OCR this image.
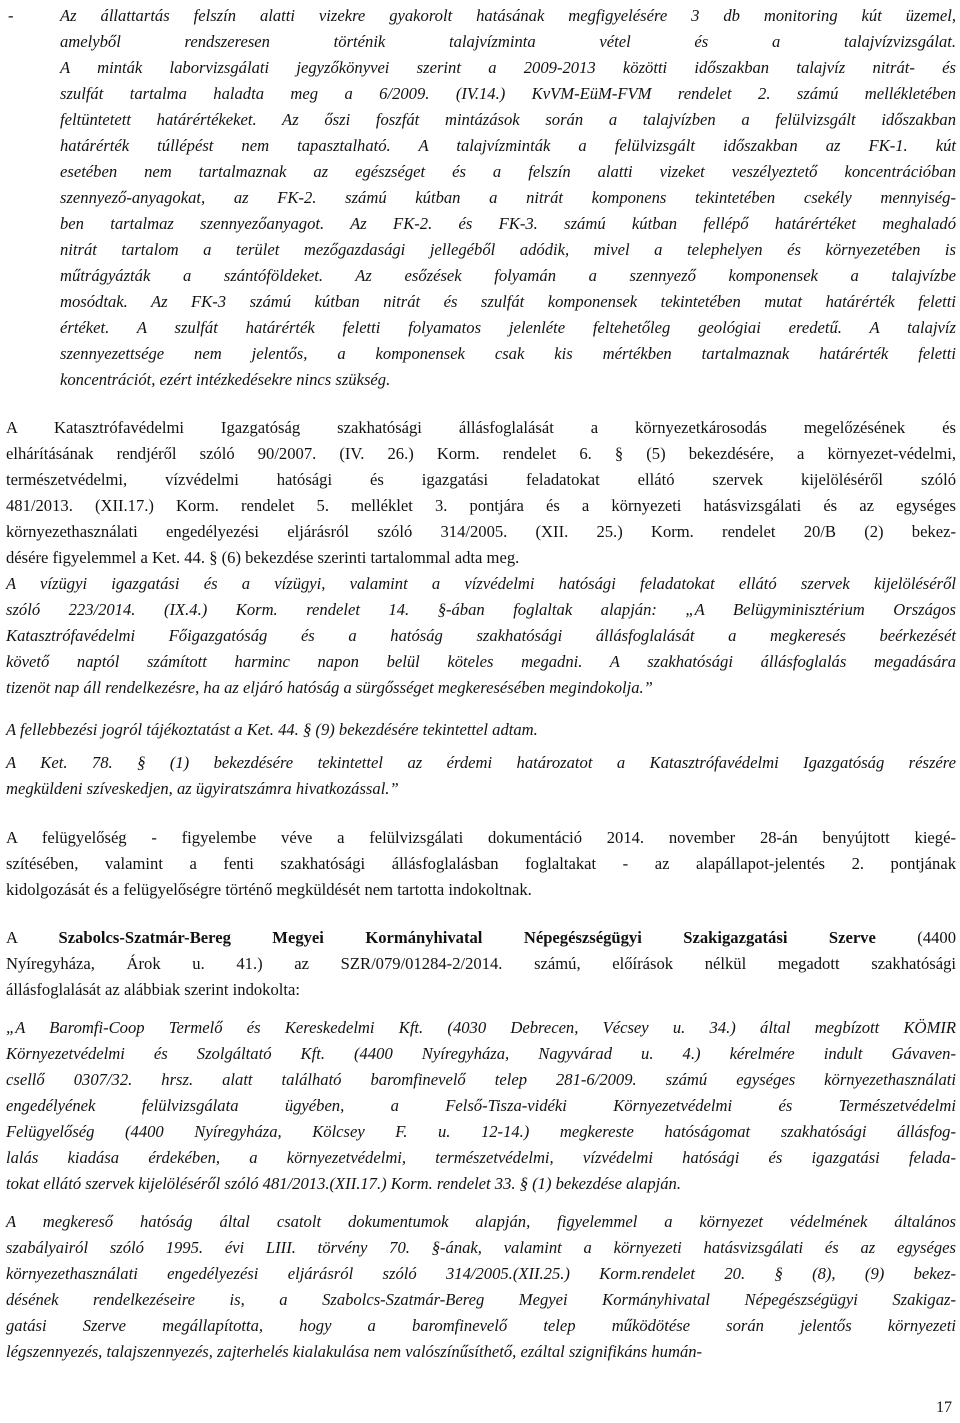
-	Az állattartás felszín alatti vizekre gyakorolt hatásának megfigyelésére 3 db monitoring kút üzemel,
amelyből rendszeresen történik talajvízminta vétel és a talajvízvizsgálat.
A minták laborvizsgálati jegyzőkönyvei szerint a 2009-2013 közötti időszakban talajvíz nitrát- és
szulfát tartalma haladta meg a 6/2009. (IV.14.) KvVM-EüM-FVM rendelet 2. számú mellékletében
feltüntetett határértékeket. Az őszi foszfát mintázások során a talajvízben a felülvizsgált időszakban
határérték túllépést nem tapasztalható. A talajvízminták a felülvizsgált időszakban az FK-1. kút
esetében nem tartalmaznak az egészséget és a felszín alatti vizeket veszélyeztető koncentrációban
szennyező-anyagokat, az FK-2. számú kútban a nitrát komponens tekintetében csekély mennyiség-
ben tartalmaz szennyezőanyagot. Az FK-2. és FK-3. számú kútban fellépő határértéket meghaladó
nitrát tartalom a terület mezőgazdasági jellegéből adódik, mivel a telephelyen és környezetében is
műtrágyázták a szántóföldeket. Az esőzések folyamán a szennyező komponensek a talajvízbe
mosódtak. Az FK-3 számú kútban nitrát és szulfát komponensek tekintetében mutat határérték feletti
értéket. A szulfát határérték feletti folyamatos jelenléte feltehetőleg geológiai eredetű. A talajvíz
szennyezettsége nem jelentős, a komponensek csak kis mértékben tartalmaznak határérték feletti
koncentrációt, ezért intézkedésekre nincs szükség.
A Katasztrófavédelmi Igazgatóság szakhatósági állásfoglalását a környezetkárosodás megelőzésének és
elhárításának rendjéről szóló 90/2007. (IV. 26.) Korm. rendelet 6. § (5) bekezdésére, a környezet-védelmi,
természetvédelmi, vízvédelmi hatósági és igazgatási feladatokat ellátó szervek kijelöléséről szóló
481/2013. (XII.17.) Korm. rendelet 5. melléklet 3. pontjára és a környezeti hatásvizsgálati és az egységes
környezethasználati engedélyezési eljárásról szóló 314/2005. (XII. 25.) Korm. rendelet 20/B (2) bekez-
désére figyelemmel a Ket. 44. § (6) bekezdése szerinti tartalommal adta meg.
A vízügyi igazgatási és a vízügyi, valamint a vízvédelmi hatósági feladatokat ellátó szervek kijelöléséről
szóló 223/2014. (IX.4.) Korm. rendelet 14. §-ában foglaltak alapján: „A Belügyminisztérium Országos
Katasztrófavédelmi Főigazgatóság és a hatóság szakhatósági állásfoglalását a megkeresés beérkezését
követő naptól számított harminc napon belül köteles megadni. A szakhatósági állásfoglalás megadására
tizenöt nap áll rendelkezésre, ha az eljáró hatóság a sürgősséget megkeresésében megindokolja.”
A fellebbezési jogról tájékoztatást a Ket. 44. § (9) bekezdésére tekintettel adtam.
A Ket. 78. § (1) bekezdésére tekintettel az érdemi határozatot a Katasztrófavédelmi Igazgatóság részére
megküldeni szíveskedjen, az ügyiratszámra hivatkozással.”
A felügyelőség - figyelembe véve a felülvizsgálati dokumentáció 2014. november 28-án benyújtott kiegé-
szítésében, valamint a fenti szakhatósági állásfoglalásban foglaltakat - az alapállapot-jelentés 2. pontjának
kidolgozását és a felügyelőségre történő megküldését nem tartotta indokoltnak.
A Szabolcs-Szatmár-Bereg Megyei Kormányhivatal Népegészségügyi Szakigazgatási Szerve (4400
Nyíregyháza, Árok u. 41.) az SZR/079/01284-2/2014. számú, előírások nélkül megadott szakhatósági
állásfoglalását az alábbiak szerint indokolta:
„A Baromfi-Coop Termelő és Kereskedelmi Kft. (4030 Debrecen, Vécsey u. 34.) által megbízott KÖMIR
Környezetvédelmi és Szolgáltató Kft. (4400 Nyíregyháza, Nagyvárad u. 4.) kérelmére indult Gávaven-
csellő 0307/32. hrsz. alatt található baromfinevelő telep 281-6/2009. számú egységes környezethasználati
engedélyének felülvizsgálata ügyében, a Felső-Tisza-vidéki Környezetvédelmi és Természetvédelmi
Felügyelőség (4400 Nyíregyháza, Kölcsey F. u. 12-14.) megkereste hatóságomat szakhatósági állásfog-
lalás kiadása érdekében, a környezetvédelmi, természetvédelmi, vízvédelmi hatósági és igazgatási felada-
tokat ellátó szervek kijelöléséről szóló 481/2013.(XII.17.) Korm. rendelet 33. § (1) bekezdése alapján.
A megkereső hatóság által csatolt dokumentumok alapján, figyelemmel a környezet védelmének általános
szabályairól szóló 1995. évi LIII. törvény 70. §-ának, valamint a környezeti hatásvizsgálati és az egységes
környezethasználati engedélyezési eljárásról szóló 314/2005.(XII.25.) Korm.rendelet 20. § (8), (9) bekez-
désének rendelkezéseire is, a Szabolcs-Szatmár-Bereg Megyei Kormányhivatal Népegészségügyi Szakigaz-
gatási Szerve megállapította, hogy a baromfinevelő telep működötése során jelentős környezeti
légszennyezés, talajszennyezés, zajterhelés kialakulása nem valószínűsíthető, ezáltal szignifikáns humán-
17
